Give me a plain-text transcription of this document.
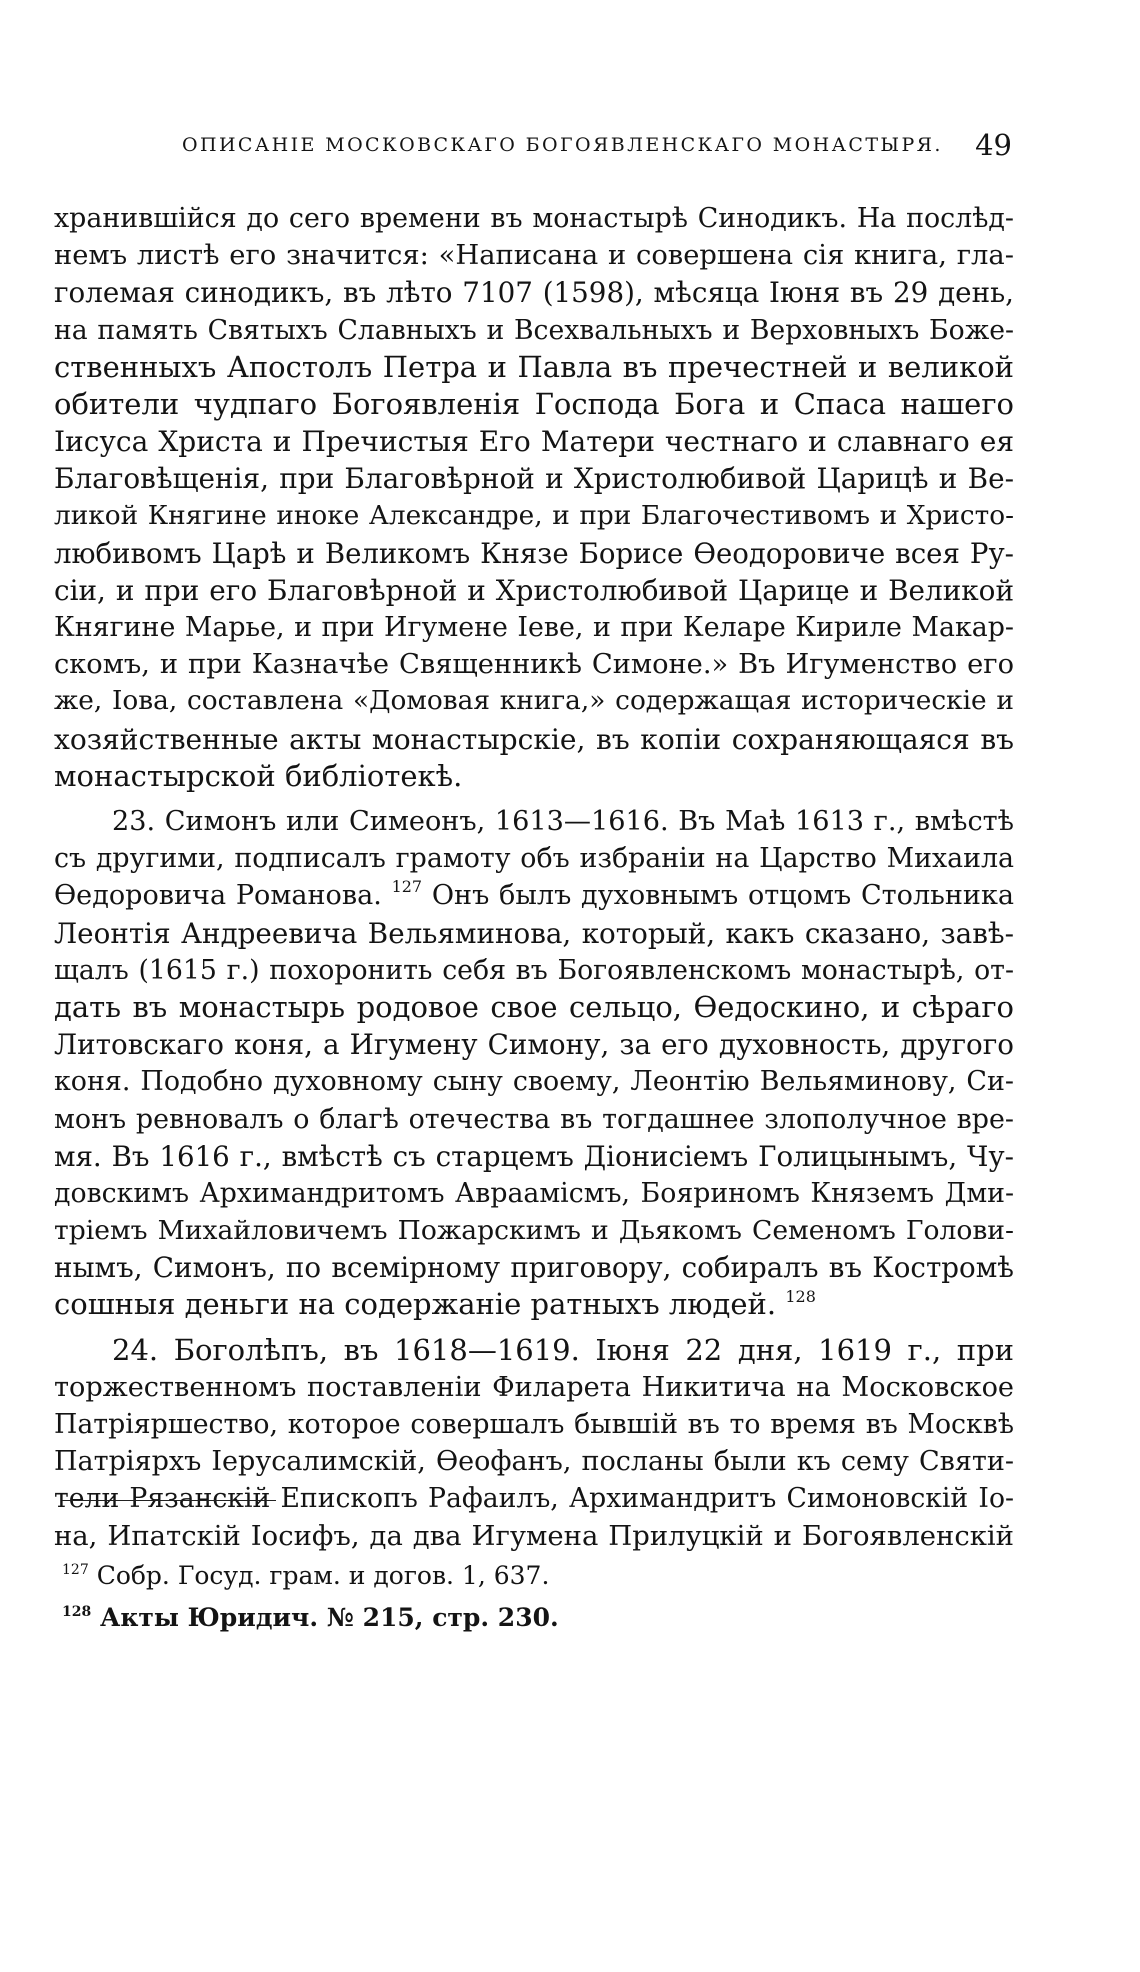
ОПИСАНІЕ МОСКОВСКАГО БОГОЯВЛЕНСКАГО МОНАСТЫРЯ. 49
хранившійся до сего времени въ монастырѣ Синодикъ. На послѣд-
немъ листѣ его значится: «Написана и совершена сія книга, гла-
големая синодикъ, въ лѣто 7107 (1598), мѣсяца Іюня въ 29 день,
на память Святыхъ Славныхъ и Всехвальныхъ и Верховныхъ Боже-
ственныхъ Апостолъ Петра и Павла въ пречестней и великой
обители чудпаго Богоявленія Господа Бога и Спаса нашего
Іисуса Христа и Пречистыя Его Матери честнаго и славнаго ея
Благовѣщенія, при Благовѣрной и Христолюбивой Царицѣ и Ве-
ликой Княгине иноке Александре, и при Благочестивомъ и Христо-
любивомъ Царѣ и Великомъ Князе Борисе Ѳеодоровиче всея Ру-
сіи, и при его Благовѣрной и Христолюбивой Царице и Великой
Княгине Марье, и при Игумене Іеве, и при Келаре Кириле Макар-
скомъ, и при Казначѣе Священникѣ Симоне.» Въ Игуменство его
же, Іова, составлена «Домовая книга,» содержащая историческіе и
хозяйственные акты монастырскіе, въ копіи сохраняющаяся въ
монастырской библіотекѣ.
23. Симонъ или Симеонъ, 1613—1616. Въ Маѣ 1613 г., вмѣстѣ
съ другими, подписалъ грамоту объ избраніи на Царство Михаила
Ѳедоровича Романова. $^{127}$ Онъ былъ духовнымъ отцомъ Стольника
Леонтія Андреевича Вельяминова, который, какъ сказано, завѣ-
щалъ (1615 г.) похоронить себя въ Богоявленскомъ монастырѣ, от-
дать въ монастырь родовое свое сельцо, Ѳедоскино, и сѣраго
Литовскаго коня, а Игумену Симону, за его духовность, другого
коня. Подобно духовному сыну своему, Леонтію Вельяминову, Си-
монъ ревновалъ о благѣ отечества въ тогдашнее злополучное вре-
мя. Въ 1616 г., вмѣстѣ съ старцемъ Діонисіемъ Голицынымъ, Чу-
довскимъ Архимандритомъ Авраамісмъ, Бояриномъ Княземъ Дми-
тріемъ Михайловичемъ Пожарскимъ и Дьякомъ Семеномъ Голови-
нымъ, Симонъ, по всемірному приговору, собиралъ въ Костромѣ
сошныя деньги на содержаніе ратныхъ людей. $^{128}$
24. Боголѣпъ, въ 1618—1619. Іюня 22 дня, 1619 г., при
торжественномъ поставленіи Филарета Никитича на Московское
Патріяршество, которое совершалъ бывшій въ то время въ Москвѣ
Патріярхъ Іерусалимскій, Ѳеофанъ, посланы были къ сему Святи-
тели Рязанскій Епископъ Рафаилъ, Архимандритъ Симоновскій Іо-
на, Ипатскій Іосифъ, да два Игумена Прилуцкій и Богоявленскій
$^{127}$ Собр. Госуд. грам. и догов. 1, 637.
$^{128}$ Акты Юридич. № 215, стр. 230.
